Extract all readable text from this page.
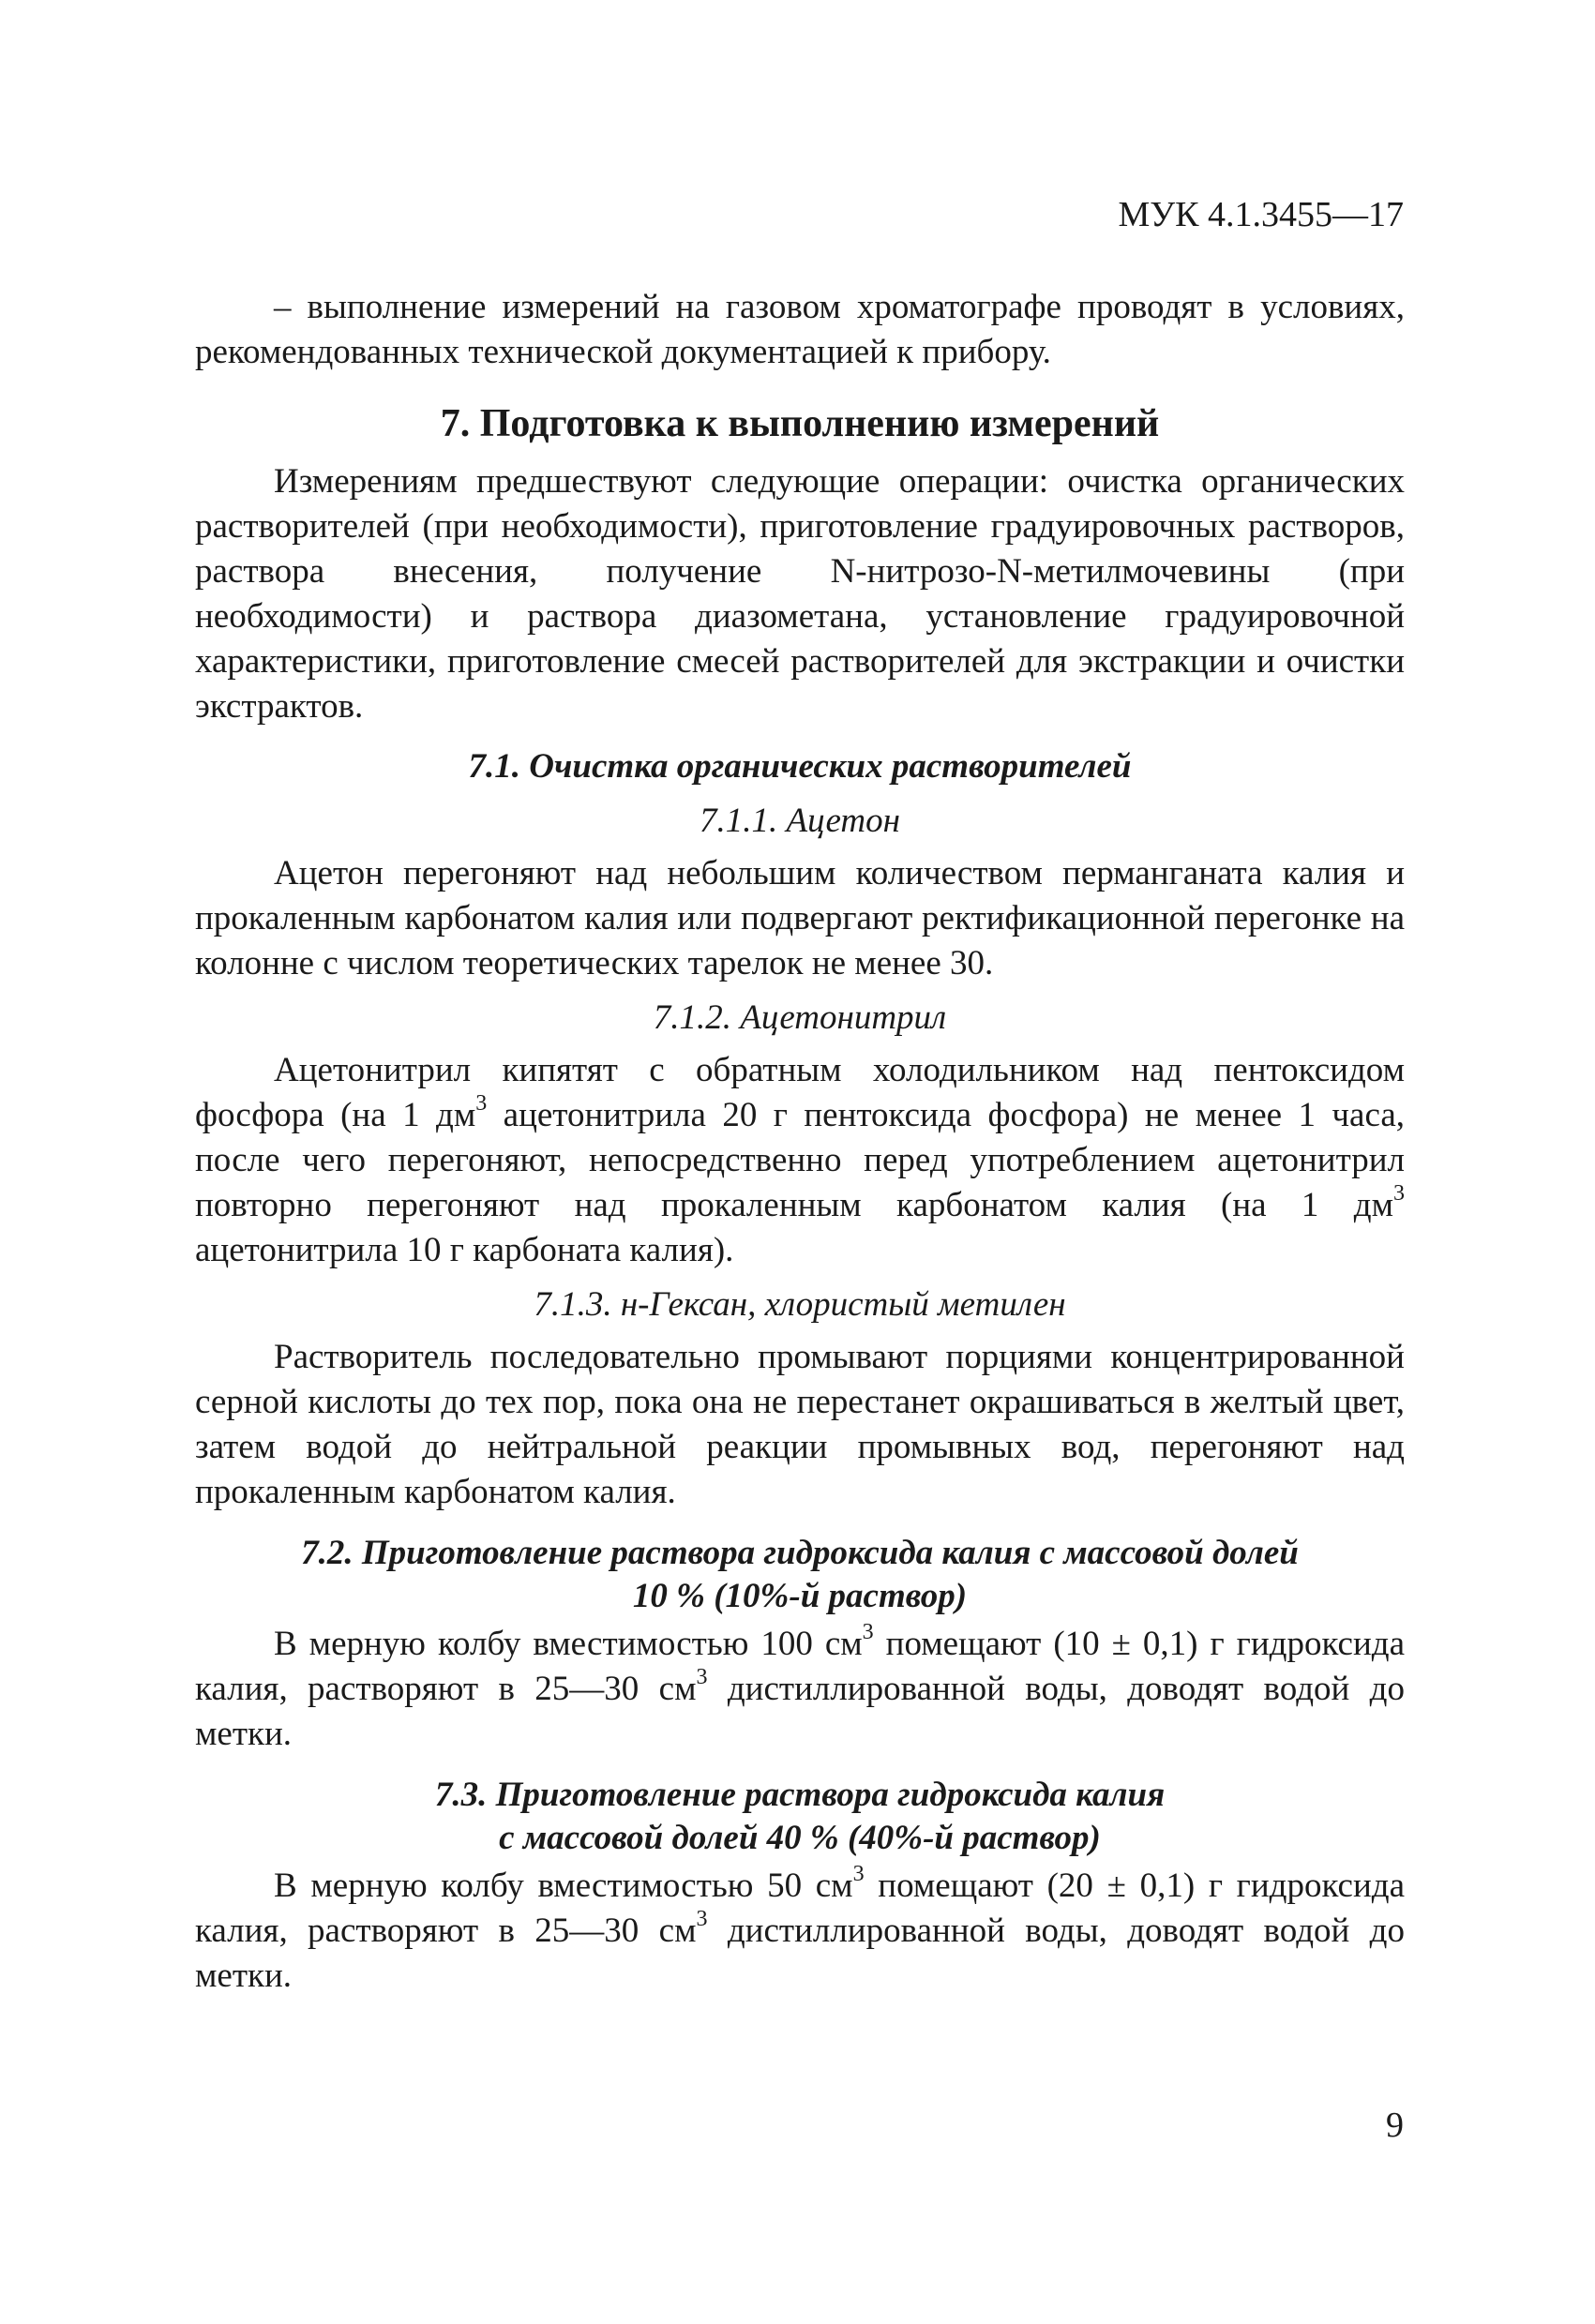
МУК 4.1.3455—17

– выполнение измерений на газовом хроматографе проводят в условиях, рекомендованных технической документацией к прибору.

7. Подготовка к выполнению измерений

Измерениям предшествуют следующие операции: очистка органических растворителей (при необходимости), приготовление градуировочных растворов, раствора внесения, получение N-нитрозо-N-метилмочевины (при необходимости) и раствора диазометана, установление градуировочной характеристики, приготовление смесей растворителей для экстракции и очистки экстрактов.

7.1. Очистка органических растворителей
7.1.1. Ацетон

Ацетон перегоняют над небольшим количеством перманганата калия и прокаленным карбонатом калия или подвергают ректификационной перегонке на колонне с числом теоретических тарелок не менее 30.

7.1.2. Ацетонитрил

Ацетонитрил кипятят с обратным холодильником над пентоксидом фосфора (на 1 $дм^3$ ацетонитрила 20 г пентоксида фосфора) не менее 1 часа, после чего перегоняют, непосредственно перед употреблением ацетонитрил повторно перегоняют над прокаленным карбонатом калия (на 1 $дм^3$ ацетонитрила 10 г карбоната калия).

7.1.3. н-Гексан, хлористый метилен

Растворитель последовательно промывают порциями концентрированной серной кислоты до тех пор, пока она не перестанет окрашиваться в желтый цвет, затем водой до нейтральной реакции промывных вод, перегоняют над прокаленным карбонатом калия.

7.2. Приготовление раствора гидроксида калия с массовой долей
10 % (10%-й раствор)

В мерную колбу вместимостью 100 $см^3$ помещают (10 ± 0,1) г гидроксида калия, растворяют в 25—30 $см^3$ дистиллированной воды, доводят водой до метки.

7.3. Приготовление раствора гидроксида калия
с массовой долей 40 % (40%-й раствор)

В мерную колбу вместимостью 50 $см^3$ помещают (20 ± 0,1) г гидроксида калия, растворяют в 25—30 $см^3$ дистиллированной воды, доводят водой до метки.

9
